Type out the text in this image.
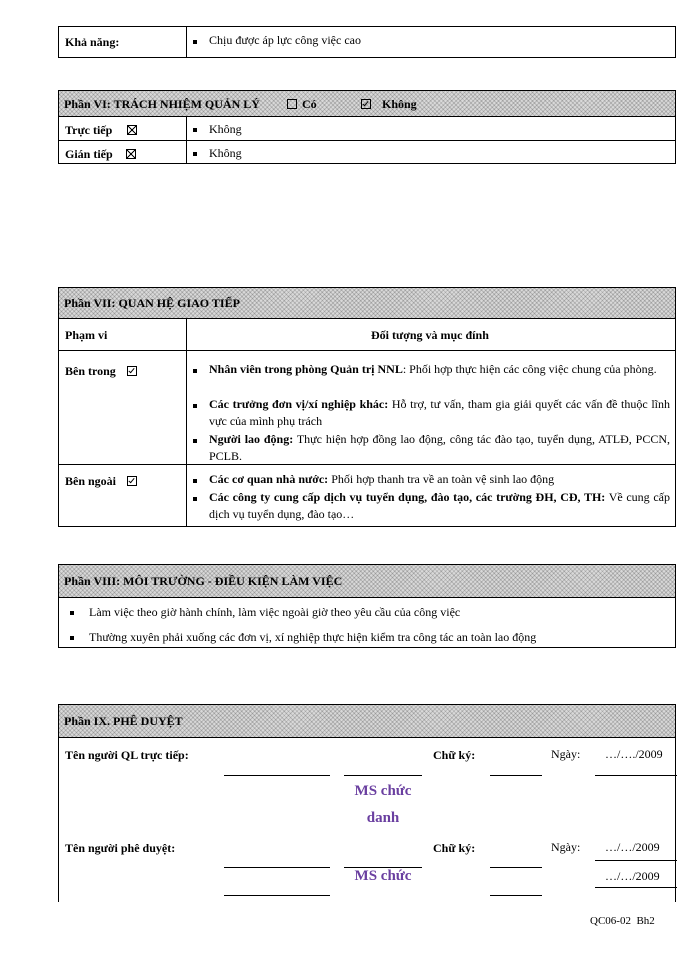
Khả năng:	Chịu được áp lực công việc cao
Phần VI: TRÁCH NHIỆM QUẢN LÝ	Có	Không
Trực tiếp	Không
Gián tiếp	Không
Phần VII: QUAN HỆ GIAO TIẾP
Phạm vi	Đối tượng và mục đính
Bên trong	Nhân viên trong phòng Quản trị NNL: Phối hợp thực hiện các công việc chung của phòng.
Các trưởng đơn vị/xí nghiệp khác: Hỗ trợ, tư vấn, tham gia giải quyết các vấn đề thuộc lĩnh vực của mình phụ trách
Người lao động: Thực hiện hợp đồng lao động, công tác đào tạo, tuyển dụng, ATLĐ, PCCN, PCLB.
Bên ngoài	Các cơ quan nhà nước: Phối hợp thanh tra về an toàn vệ sinh lao động
Các công ty cung cấp dịch vụ tuyển dụng, đào tạo, các trường ĐH, CĐ, TH: Về cung cấp dịch vụ tuyển dụng, đào tạo…
Phần VIII: MÔI TRƯỜNG - ĐIỀU KIỆN LÀM VIỆC
Làm việc theo giờ hành chính, làm việc ngoài giờ theo yêu cầu của công việc
Thường xuyên phải xuống các đơn vị, xí nghiệp thực hiện kiểm tra công tác an toàn lao động
Phần IX. PHÊ DUYỆT
Tên người QL trực tiếp:	Chữ ký:	Ngày: …/…./2009
MS chức
danh
Tên người phê duyệt:	Chữ ký:	Ngày: …/…/2009
…/…/2009
MS chức
QC06-02 Bh2
